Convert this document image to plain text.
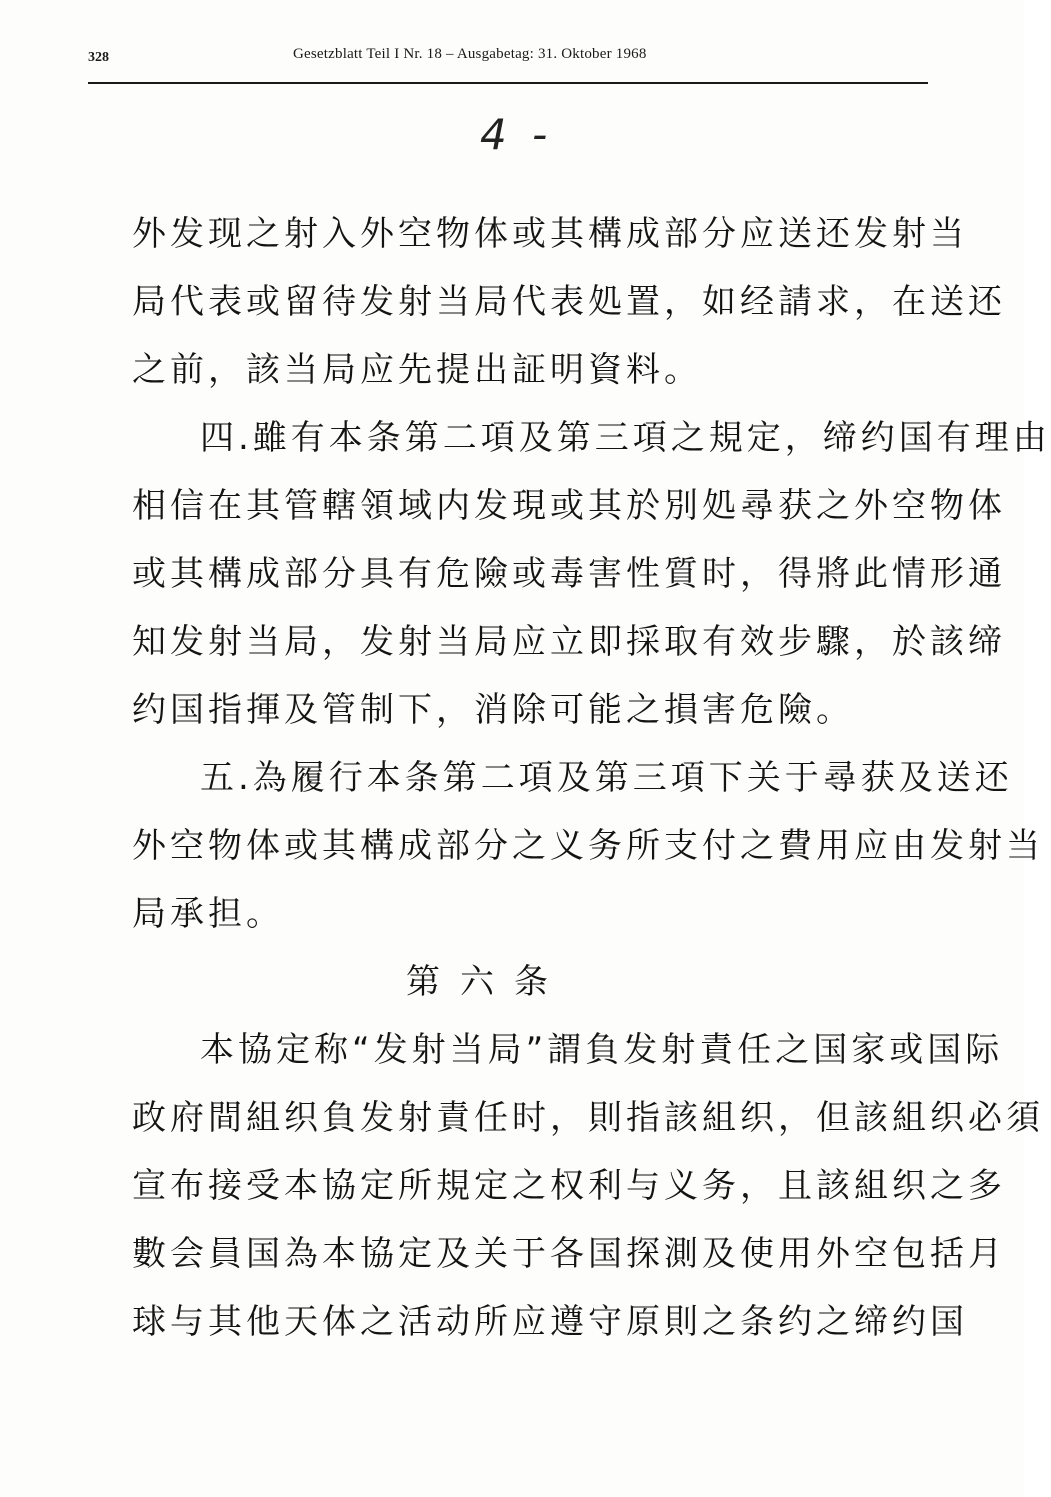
328	Gesetzblatt Teil I Nr. 18 – Ausgabetag: 31. Oktober 1968
4 -
外发现之射入外空物体或其構成部分应送还发射当
局代表或留待发射当局代表処置，如经請求，在送还
之前，該当局应先提出証明資料。
四.雖有本条第二項及第三項之規定，缔约国有理由
相信在其管轄領域内发現或其於別処尋获之外空物体
或其構成部分具有危險或毒害性質时，得將此情形通
知发射当局，发射当局应立即採取有效步驟，於該缔
约国指揮及管制下，消除可能之損害危險。
五.為履行本条第二項及第三項下关于尋获及送还
外空物体或其構成部分之义务所支付之費用应由发射当
局承担。
第六条
本協定称“发射当局”謂負发射責任之国家或国际
政府間組织負发射責任时，則指該組织，但該組织必須
宣布接受本協定所規定之权利与义务，且該組织之多
數会員国為本協定及关于各国探測及使用外空包括月
球与其他天体之活动所应遵守原則之条约之缔约国
